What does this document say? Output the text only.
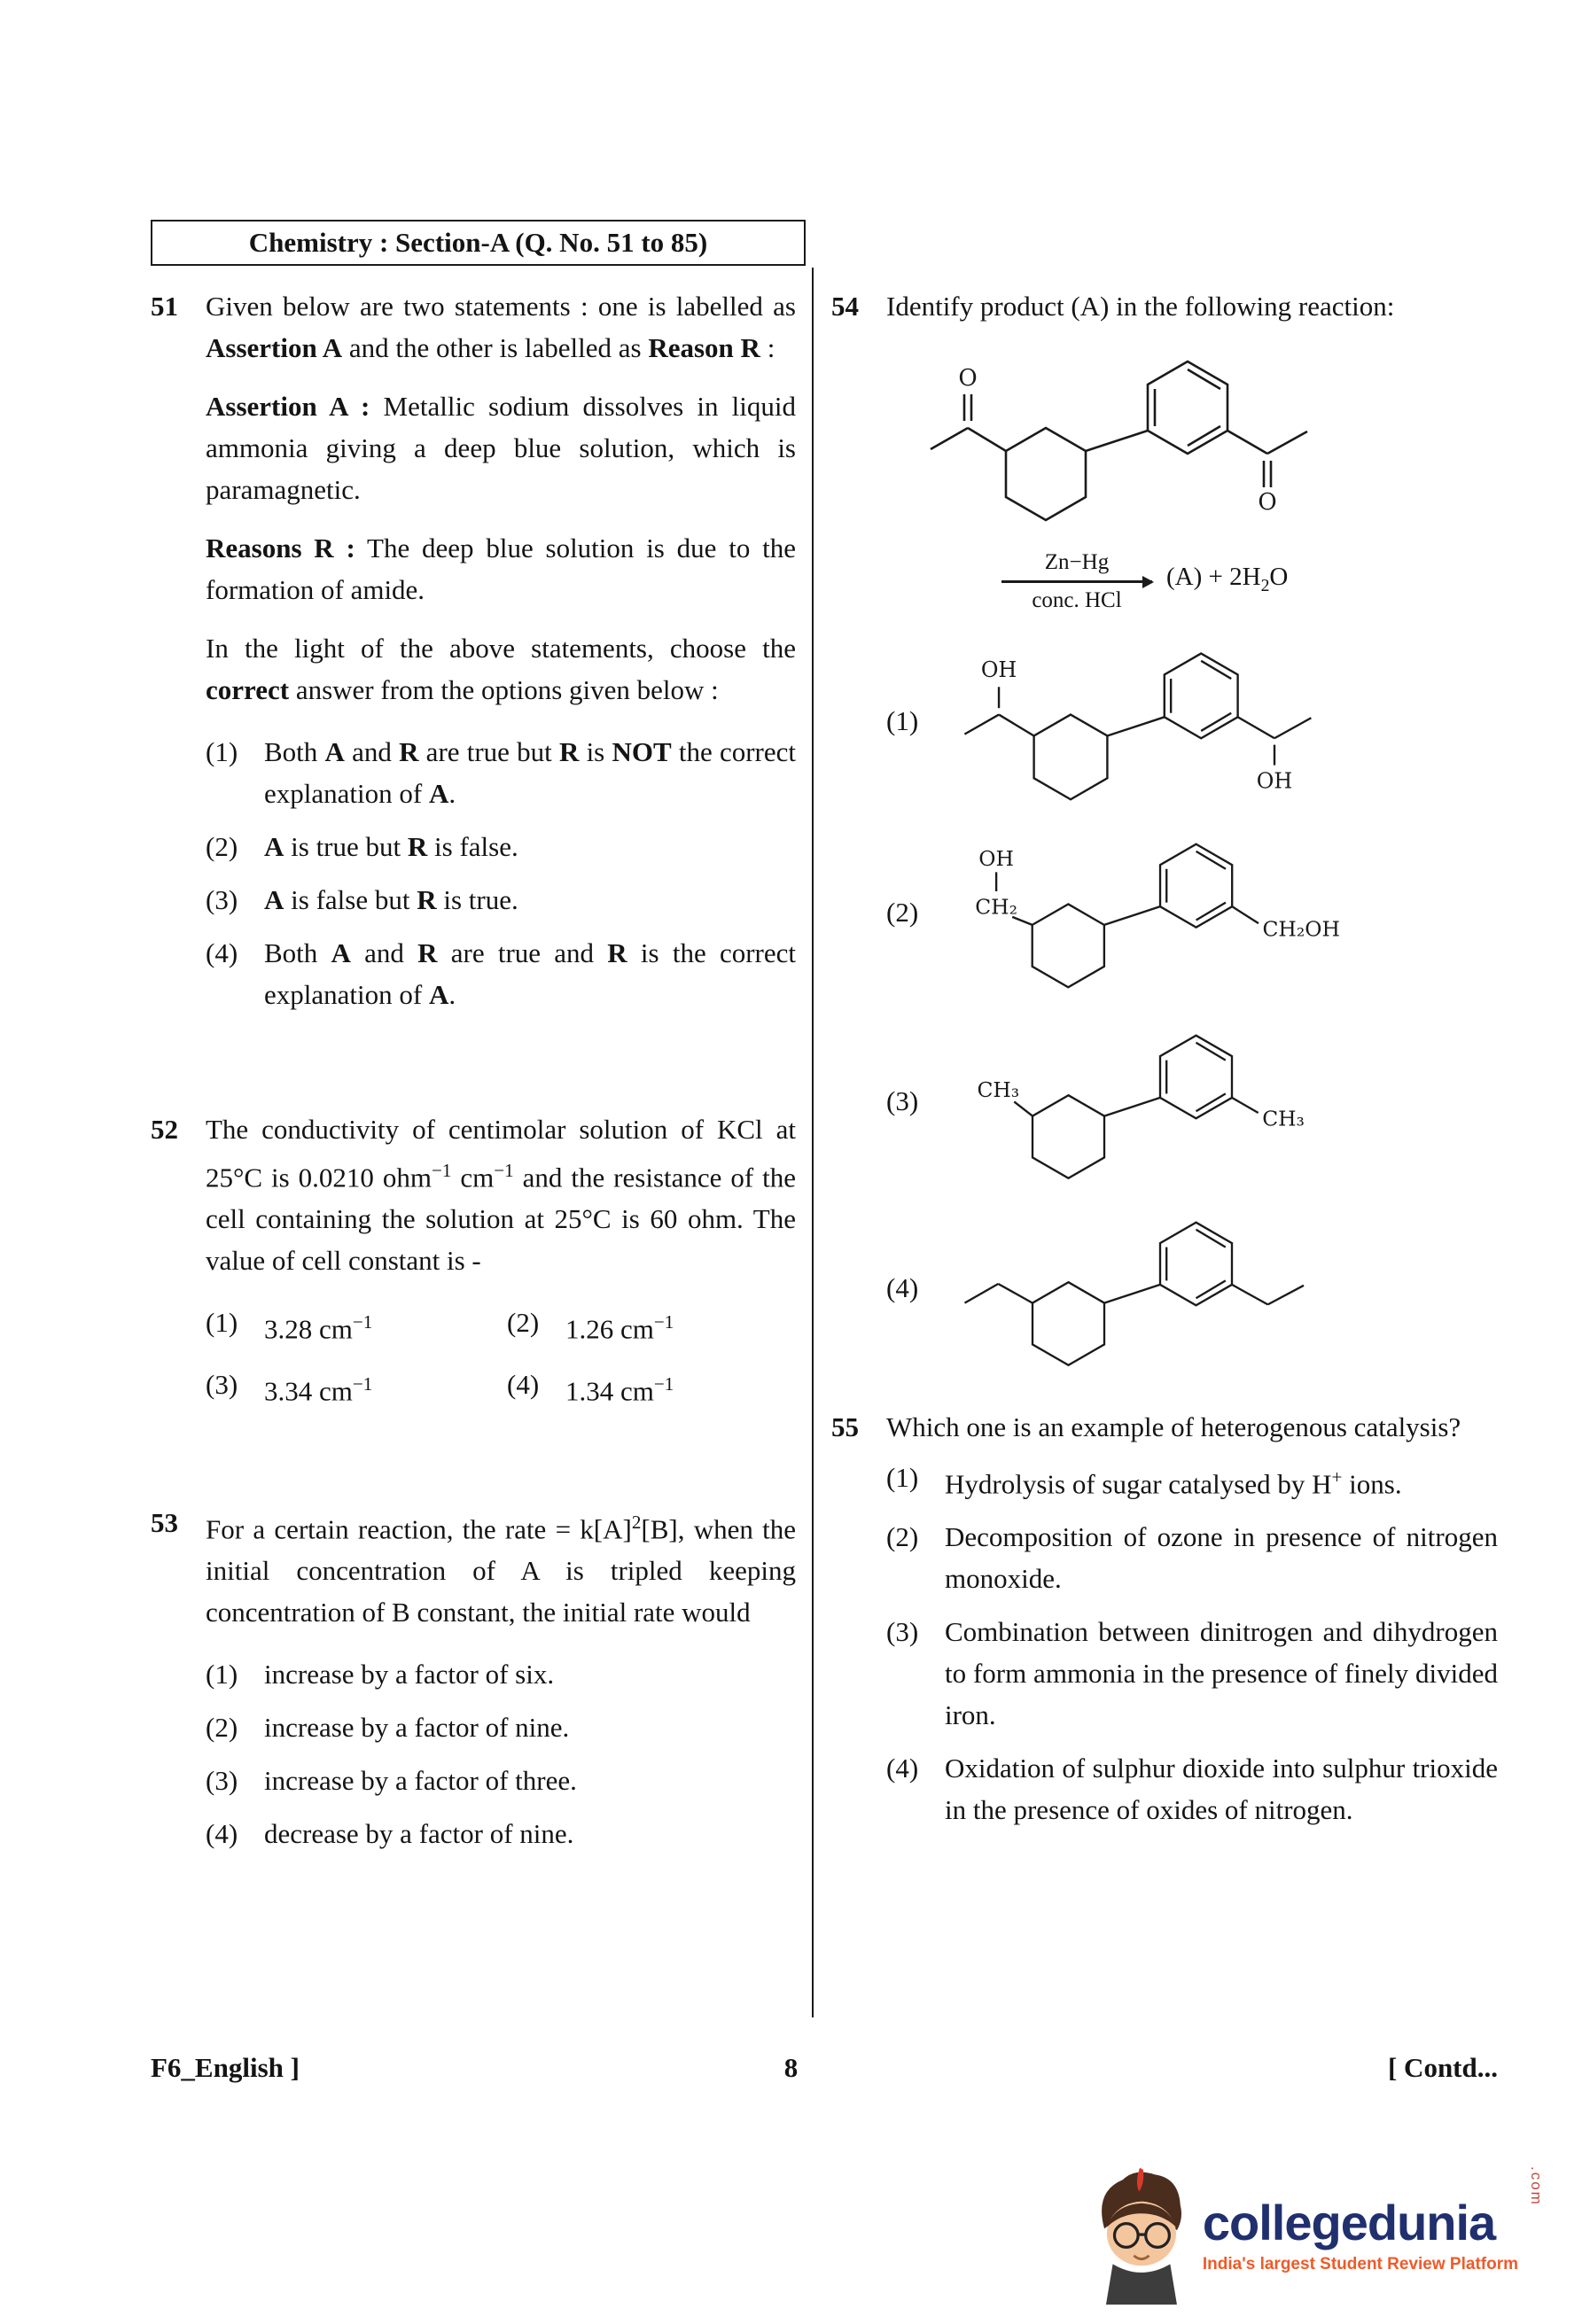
Chemistry : Section-A (Q. No. 51 to 85)
51	Given below are two statements : one is labelled as Assertion A and the other is labelled as Reason R :

Assertion A : Metallic sodium dissolves in liquid ammonia giving a deep blue solution, which is paramagnetic.

Reasons R : The deep blue solution is due to the formation of amide.

In the light of the above statements, choose the correct answer from the options given below :

(1) Both A and R are true but R is NOT the correct explanation of A.
(2) A is true but R is false.
(3) A is false but R is true.
(4) Both A and R are true and R is the correct explanation of A.
52	The conductivity of centimolar solution of KCl at 25°C is 0.0210 ohm$^{-1}$ $cm^{-1}$ and the resistance of the cell containing the solution at 25°C is 60 ohm. The value of cell constant is -

(1) 3.28 $cm^{-1}$	(2) 1.26 $cm^{-1}$
(3) 3.34 $cm^{-1}$	(4) 1.34 $cm^{-1}$
53	For a certain reaction, the rate = $k[A]^2[B]$, when the initial concentration of A is tripled keeping concentration of B constant, the initial rate would

(1) increase by a factor of six.
(2) increase by a factor of nine.
(3) increase by a factor of three.
(4) decrease by a factor of nine.
54	Identify product (A) in the following reaction:

O
O
Zn−Hg
conc. HCl
$(A) + 2H_2O$
(1)
OH
OH
(2)
OH
CH₂
CH₂OH
(3)	CH₃
CH₃
(4)
55	Which one is an example of heterogenous catalysis?

(1) Hydrolysis of sugar catalysed by H+ ions.
(2) Decomposition of ozone in presence of nitrogen monoxide.
(3) Combination between dinitrogen and dihydrogen to form ammonia in the presence of finely divided iron.
(4) Oxidation of sulphur dioxide into sulphur trioxide in the presence of oxides of nitrogen.
F6_English ]	8	[ Contd...
collegedunia
India's largest Student Review Platform
.com
